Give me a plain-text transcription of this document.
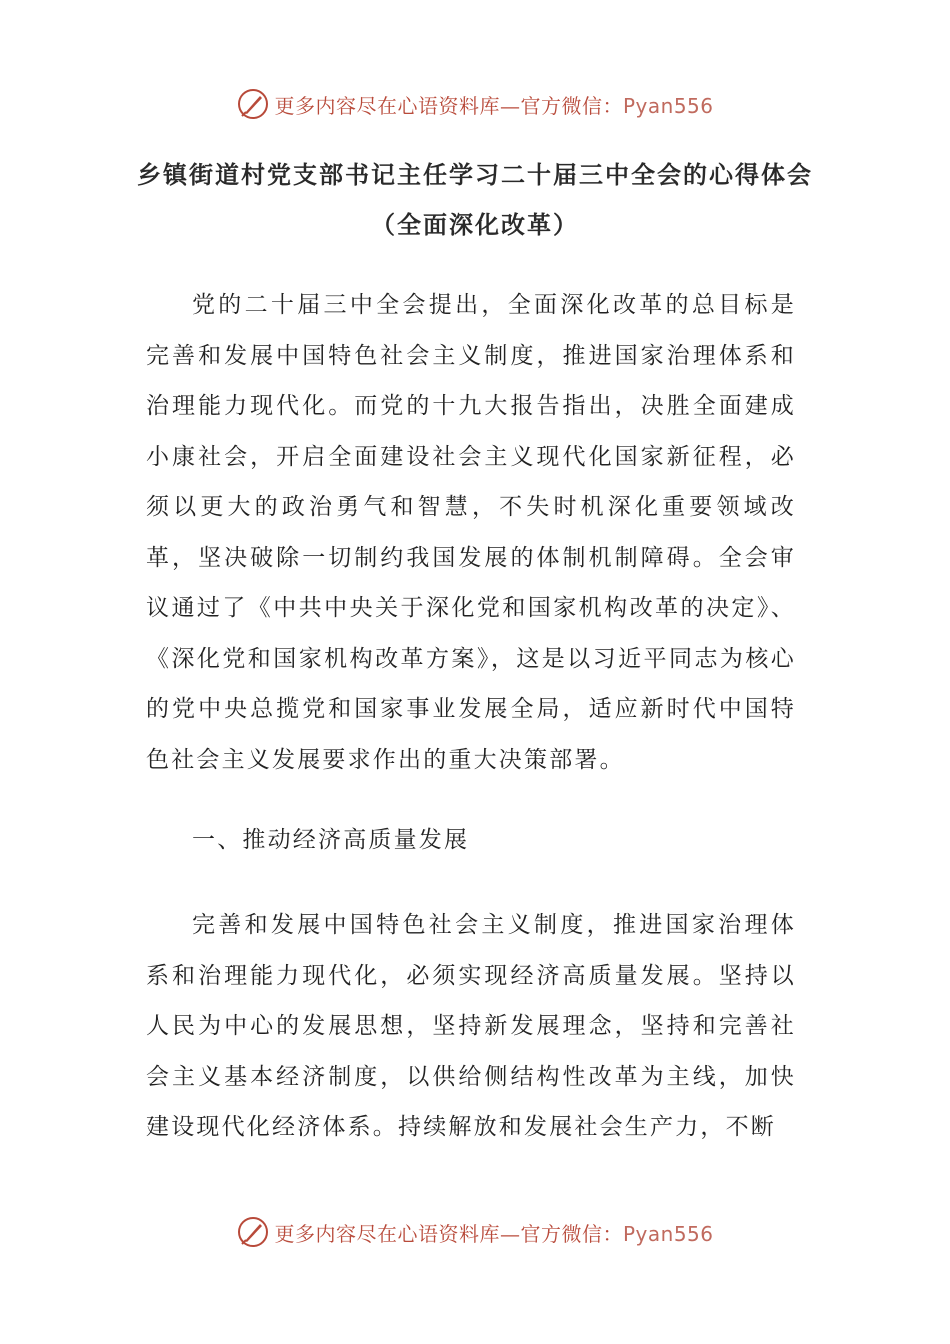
更多内容尽在心语资料库—官方微信：Pyan556
乡镇街道村党支部书记主任学习二十届三中全会的心得体会（全面深化改革）

党的二十届三中全会提出，全面深化改革的总目标是完善和发展中国特色社会主义制度，推进国家治理体系和治理能力现代化。而党的十九大报告指出，决胜全面建成小康社会，开启全面建设社会主义现代化国家新征程，必须以更大的政治勇气和智慧，不失时机深化重要领域改革，坚决破除一切制约我国发展的体制机制障碍。全会审议通过了《中共中央关于深化党和国家机构改革的决定》、《深化党和国家机构改革方案》，这是以习近平同志为核心的党中央总揽党和国家事业发展全局，适应新时代中国特色社会主义发展要求作出的重大决策部署。

一、推动经济高质量发展

完善和发展中国特色社会主义制度，推进国家治理体系和治理能力现代化，必须实现经济高质量发展。坚持以人民为中心的发展思想，坚持新发展理念，坚持和完善社会主义基本经济制度，以供给侧结构性改革为主线，加快建设现代化经济体系。持续解放和发展社会生产力，不断

更多内容尽在心语资料库—官方微信：Pyan556
